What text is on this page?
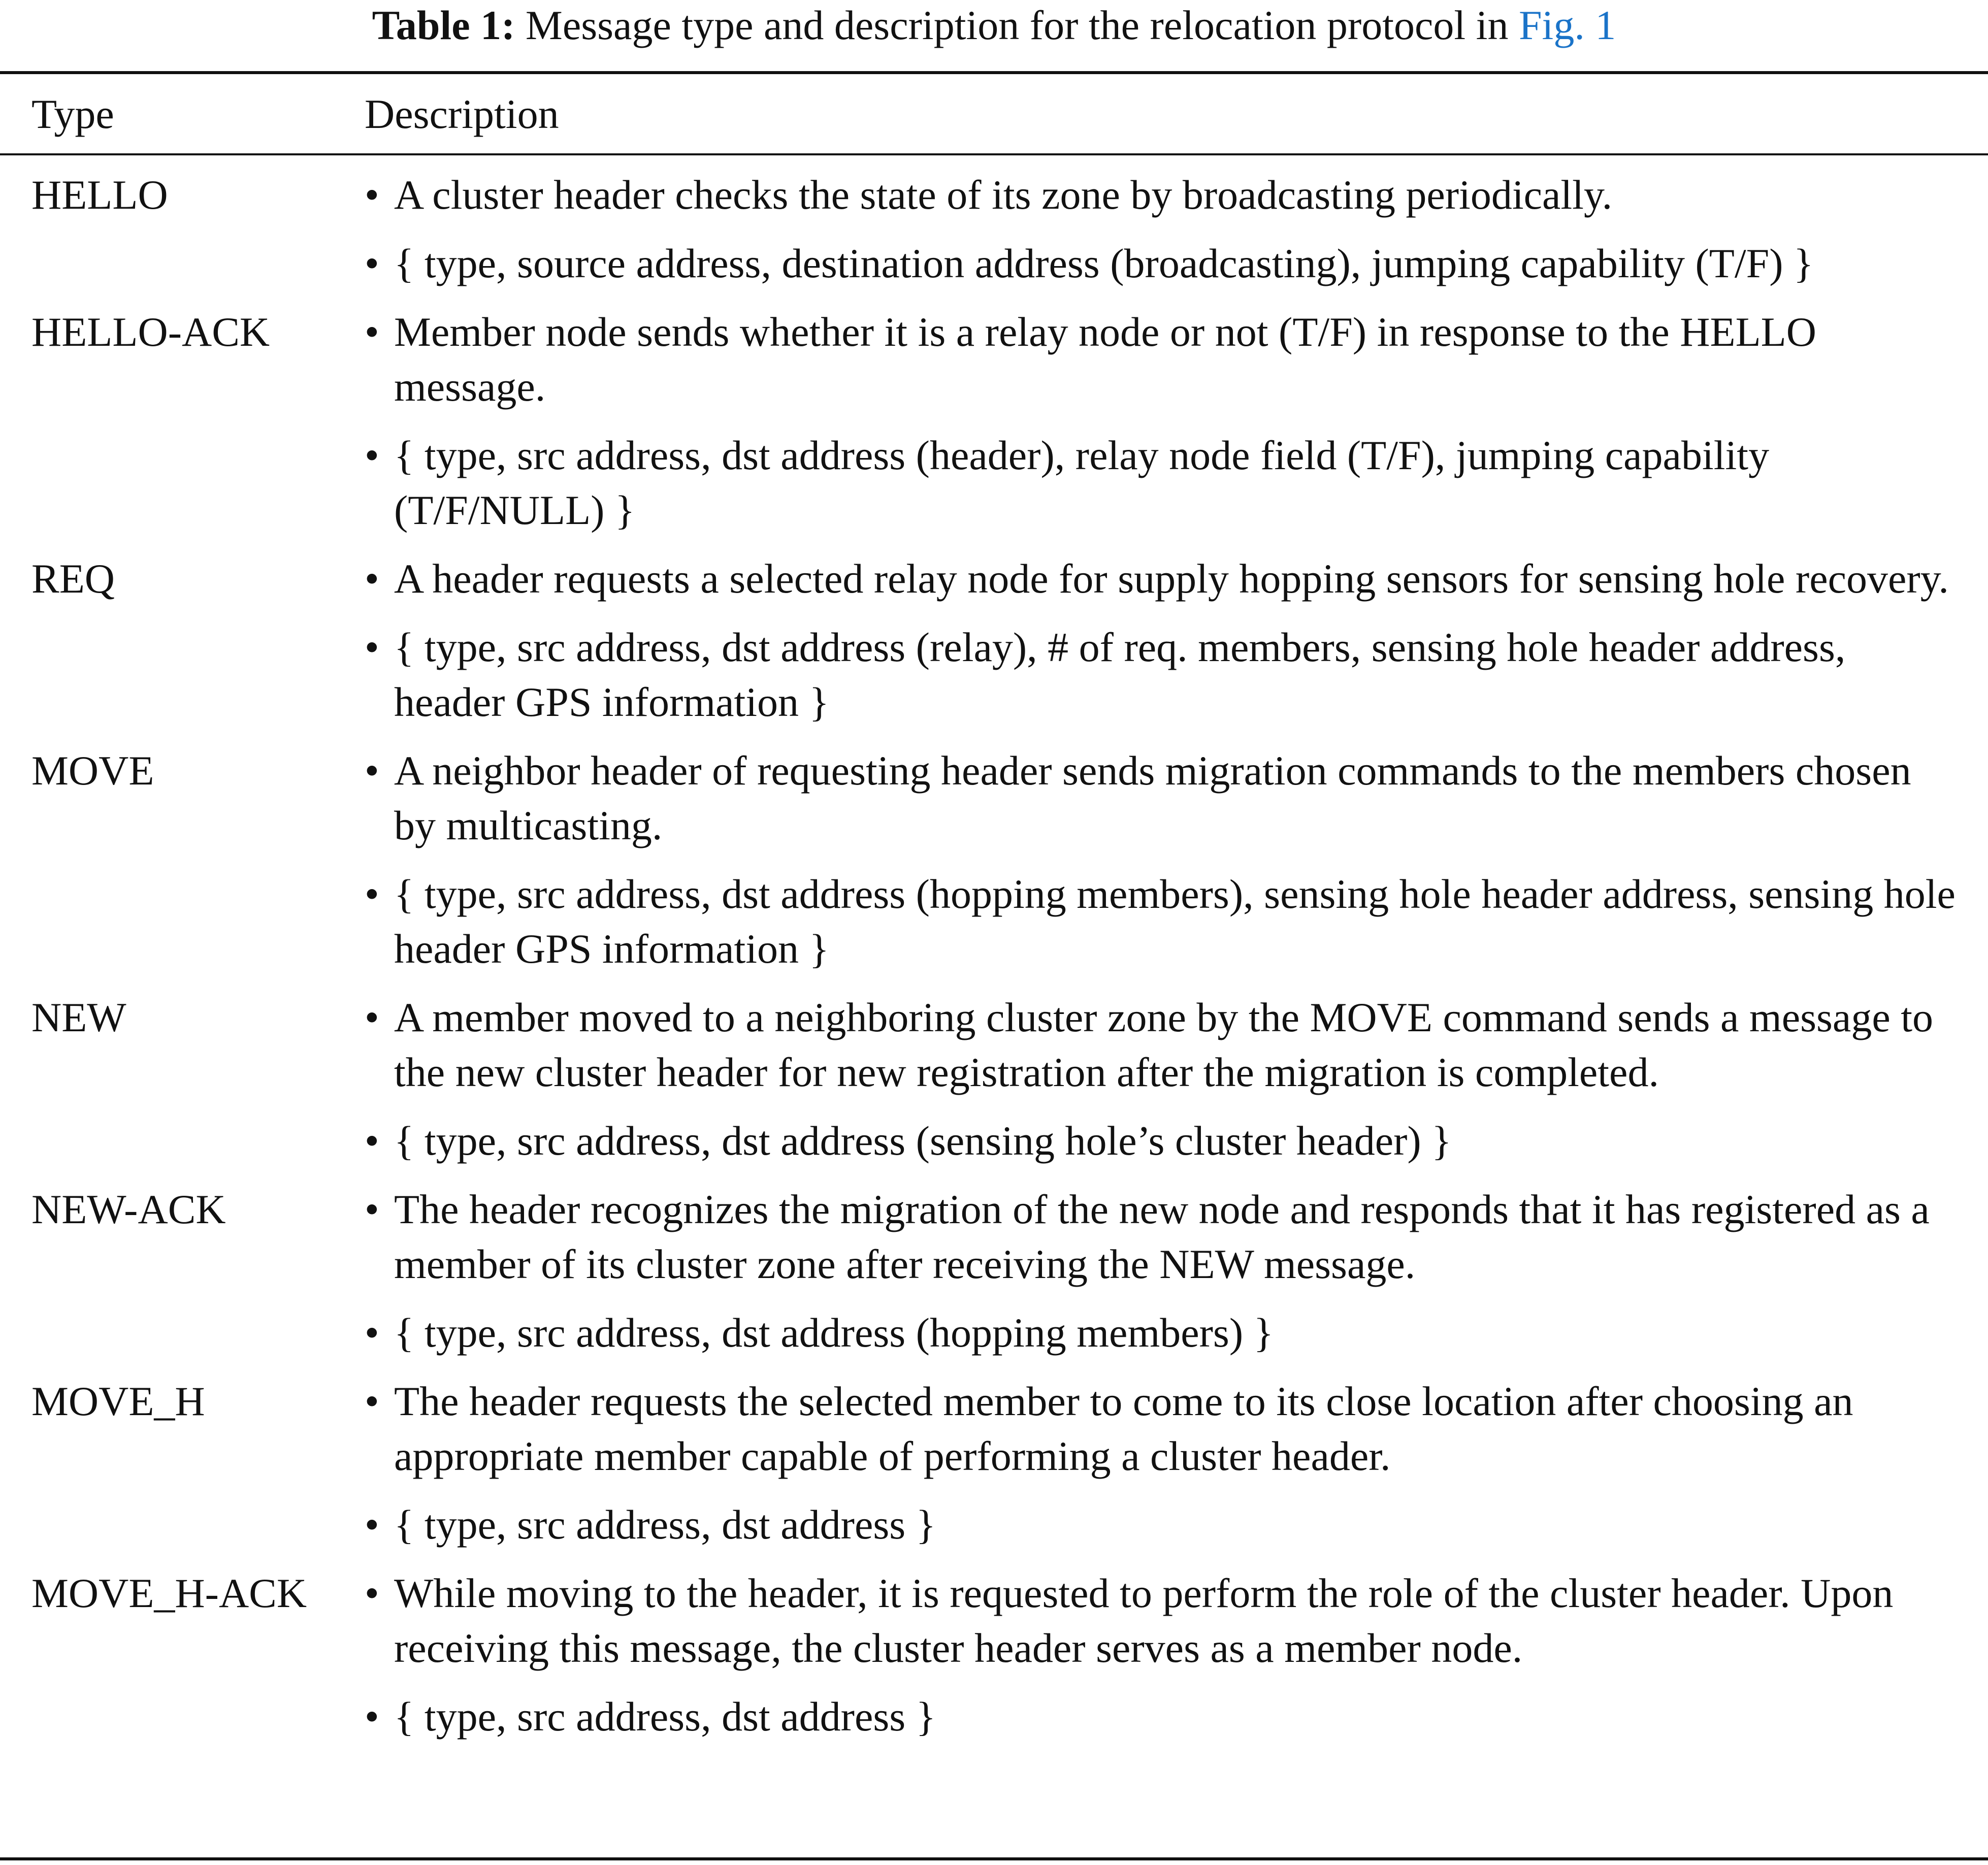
Table 1: Message type and description for the relocation protocol in Fig. 1
Type	Description
HELLO	• A cluster header checks the state of its zone by broadcasting periodically.
• { type, source address, destination address (broadcasting), jumping capability (T/F) }
HELLO-ACK	• Member node sends whether it is a relay node or not (T/F) in response to the HELLO message.
• { type, src address, dst address (header), relay node field (T/F), jumping capability (T/F/NULL) }
REQ	• A header requests a selected relay node for supply hopping sensors for sensing hole recovery.
• { type, src address, dst address (relay), # of req. members, sensing hole header address, header GPS information }
MOVE	• A neighbor header of requesting header sends migration commands to the members chosen by multicasting.
• { type, src address, dst address (hopping members), sensing hole header address, sensing hole header GPS information }
NEW	• A member moved to a neighboring cluster zone by the MOVE command sends a message to the new cluster header for new registration after the migration is completed.
• { type, src address, dst address (sensing hole’s cluster header) }
NEW-ACK	• The header recognizes the migration of the new node and responds that it has registered as a member of its cluster zone after receiving the NEW message.
• { type, src address, dst address (hopping members) }
MOVE_H	• The header requests the selected member to come to its close location after choosing an appropriate member capable of performing a cluster header.
• { type, src address, dst address }
MOVE_H-ACK	• While moving to the header, it is requested to perform the role of the cluster header. Upon receiving this message, the cluster header serves as a member node.
• { type, src address, dst address }
